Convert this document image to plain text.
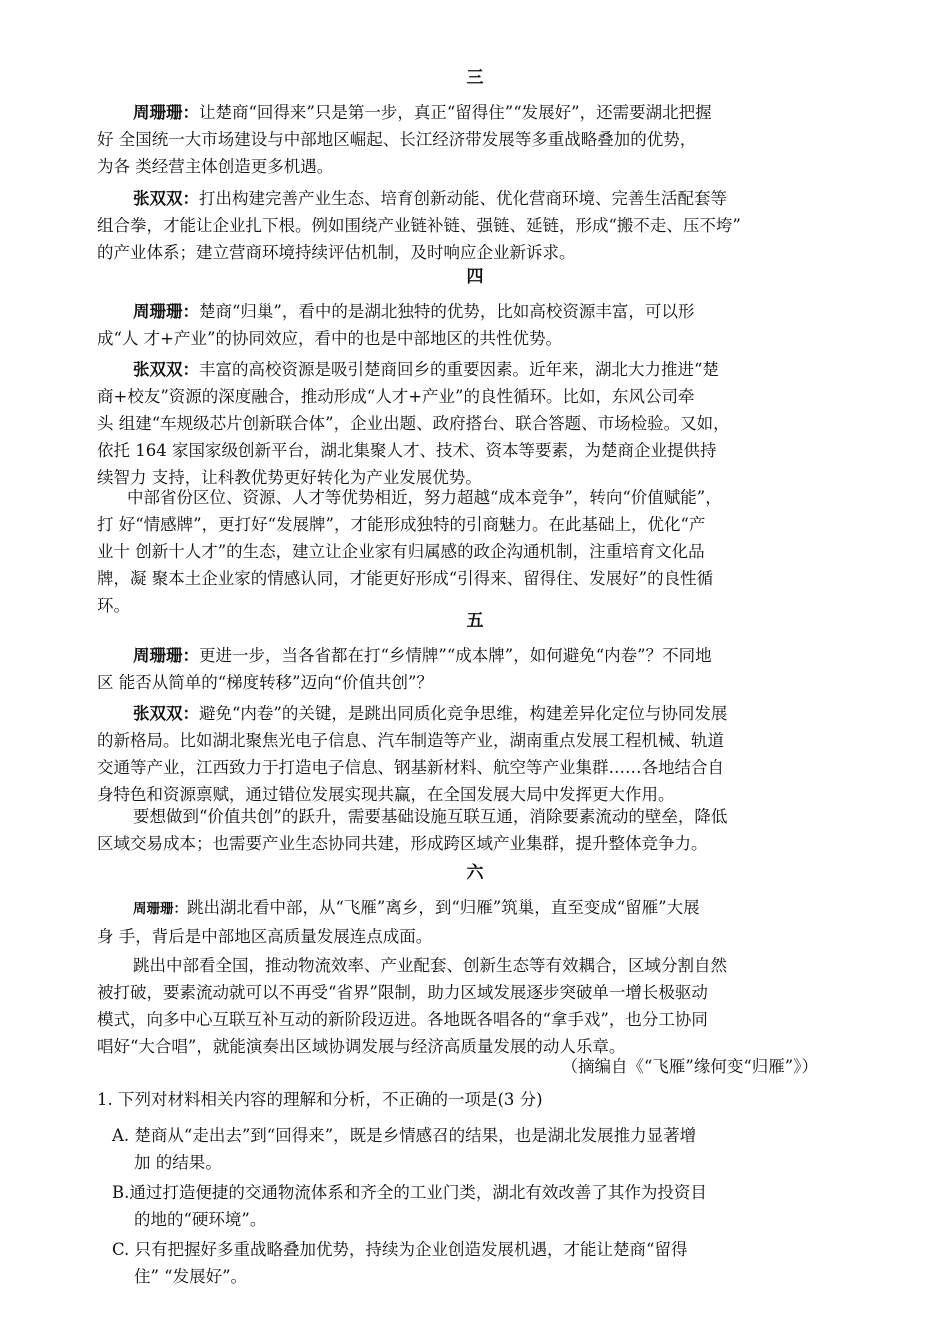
三
周珊珊：让楚商“回得来”只是第一步，真正“留得住”“发展好”，还需要湖北把握
好 全国统一大市场建设与中部地区崛起、长江经济带发展等多重战略叠加的优势，
为各 类经营主体创造更多机遇。
张双双：打出构建完善产业生态、培育创新动能、优化营商环境、完善生活配套等
组合拳，才能让企业扎下根。例如围绕产业链补链、强链、延链，形成“搬不走、压不垮”
的产业体系；建立营商环境持续评估机制，及时响应企业新诉求。
四
周珊珊：楚商“归巢”，看中的是湖北独特的优势，比如高校资源丰富，可以形
成“人 才+产业”的协同效应，看中的也是中部地区的共性优势。
张双双：丰富的高校资源是吸引楚商回乡的重要因素。近年来，湖北大力推进“楚
商+校友”资源的深度融合，推动形成“人才+产业”的良性循环。比如，东风公司牵
头 组建“车规级芯片创新联合体”，企业出题、政府搭台、联合答题、市场检验。又如，
依托 164 家国家级创新平台，湖北集聚人才、技术、资本等要素，为楚商企业提供持
续智力 支持，让科教优势更好转化为产业发展优势。
中部省份区位、资源、人才等优势相近，努力超越“成本竞争”，转向“价值赋能”，
打 好“情感牌”，更打好“发展牌”，才能形成独特的引商魅力。在此基础上，优化“产
业十 创新十人才”的生态，建立让企业家有归属感的政企沟通机制，注重培育文化品
牌，凝 聚本土企业家的情感认同，才能更好形成“引得来、留得住、发展好”的良性循
环。
五
周珊珊：更进一步，当各省都在打“乡情牌”“成本牌”，如何避免“内卷”？不同地
区 能否从简单的“梯度转移”迈向“价值共创”？
张双双：避免“内卷”的关键，是跳出同质化竞争思维，构建差异化定位与协同发展
的新格局。比如湖北聚焦光电子信息、汽车制造等产业，湖南重点发展工程机械、轨道
交通等产业，江西致力于打造电子信息、钢基新材料、航空等产业集群……各地结合自
身特色和资源禀赋，通过错位发展实现共赢，在全国发展大局中发挥更大作用。
要想做到“价值共创”的跃升，需要基础设施互联互通，消除要素流动的壁垒，降低
区域交易成本；也需要产业生态协同共建，形成跨区域产业集群，提升整体竞争力。
六
周珊珊：跳出湖北看中部，从“飞雁”离乡，到“归雁”筑巢，直至变成“留雁”大展
身 手，背后是中部地区高质量发展连点成面。
跳出中部看全国，推动物流效率、产业配套、创新生态等有效耦合，区域分割自然
被打破，要素流动就可以不再受“省界”限制，助力区域发展逐步突破单一增长极驱动
模式，向多中心互联互补互动的新阶段迈进。各地既各唱各的“拿手戏”，也分工协同
唱好“大合唱”，就能演奏出区域协调发展与经济高质量发展的动人乐章。
（摘编自《“飞雁”缘何变“归雁”》）
1. 下列对材料相关内容的理解和分析，不正确的一项是(3 分)
A. 楚商从“走出去”到“回得来”，既是乡情感召的结果，也是湖北发展推力显著增
加 的结果。
B.通过打造便捷的交通物流体系和齐全的工业门类，湖北有效改善了其作为投资目
的地的“硬环境”。
C. 只有把握好多重战略叠加优势，持续为企业创造发展机遇，才能让楚商“留得
住” “发展好”。
